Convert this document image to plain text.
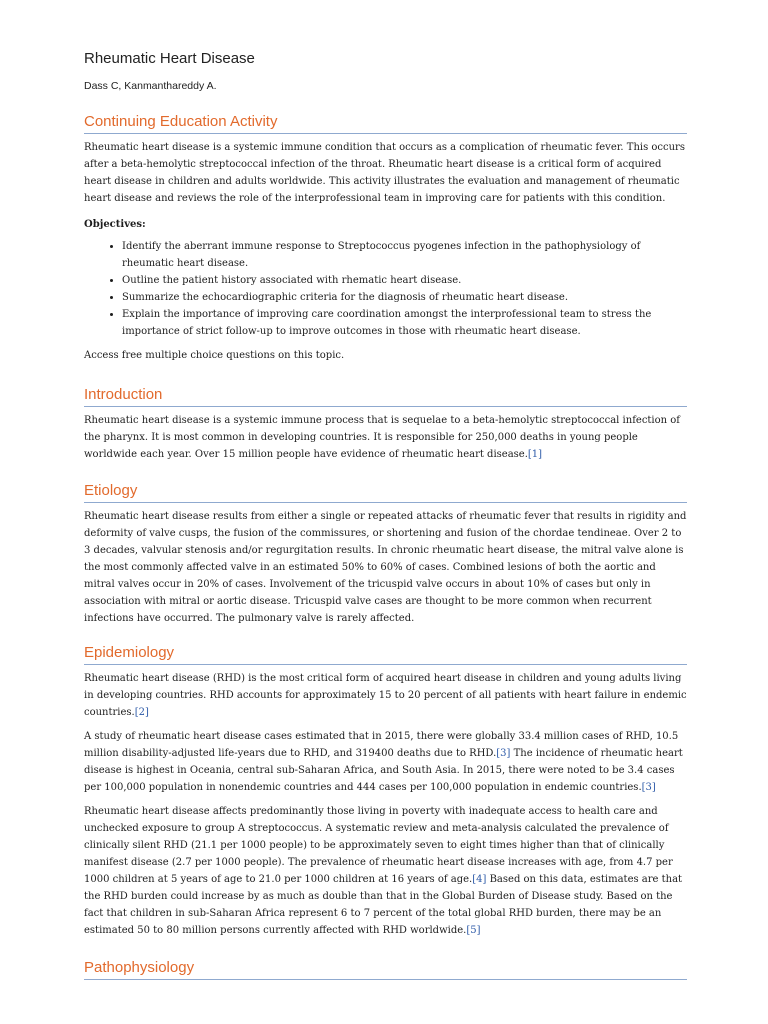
Rheumatic Heart Disease
Dass C, Kanmanthareddy A.
Continuing Education Activity

Rheumatic heart disease is a systemic immune condition that occurs as a complication of rheumatic fever. This occurs after a beta-hemolytic streptococcal infection of the throat. Rheumatic heart disease is a critical form of acquired heart disease in children and adults worldwide. This activity illustrates the evaluation and management of rheumatic heart disease and reviews the role of the interprofessional team in improving care for patients with this condition.

Objectives:

• Identify the aberrant immune response to Streptococcus pyogenes infection in the pathophysiology of rheumatic heart disease.
• Outline the patient history associated with rhematic heart disease.
• Summarize the echocardiographic criteria for the diagnosis of rheumatic heart disease.
• Explain the importance of improving care coordination amongst the interprofessional team to stress the importance of strict follow-up to improve outcomes in those with rheumatic heart disease.

Access free multiple choice questions on this topic.

Introduction

Rheumatic heart disease is a systemic immune process that is sequelae to a beta-hemolytic streptococcal infection of the pharynx. It is most common in developing countries. It is responsible for 250,000 deaths in young people worldwide each year. Over 15 million people have evidence of rheumatic heart disease.[1]

Etiology

Rheumatic heart disease results from either a single or repeated attacks of rheumatic fever that results in rigidity and deformity of valve cusps, the fusion of the commissures, or shortening and fusion of the chordae tendineae. Over 2 to 3 decades, valvular stenosis and/or regurgitation results. In chronic rheumatic heart disease, the mitral valve alone is the most commonly affected valve in an estimated 50% to 60% of cases. Combined lesions of both the aortic and mitral valves occur in 20% of cases. Involvement of the tricuspid valve occurs in about 10% of cases but only in association with mitral or aortic disease. Tricuspid valve cases are thought to be more common when recurrent infections have occurred. The pulmonary valve is rarely affected.

Epidemiology

Rheumatic heart disease (RHD) is the most critical form of acquired heart disease in children and young adults living in developing countries. RHD accounts for approximately 15 to 20 percent of all patients with heart failure in endemic countries.[2]

A study of rheumatic heart disease cases estimated that in 2015, there were globally 33.4 million cases of RHD, 10.5 million disability-adjusted life-years due to RHD, and 319400 deaths due to RHD.[3] The incidence of rheumatic heart disease is highest in Oceania, central sub-Saharan Africa, and South Asia. In 2015, there were noted to be 3.4 cases per 100,000 population in nonendemic countries and 444 cases per 100,000 population in endemic countries.[3]

Rheumatic heart disease affects predominantly those living in poverty with inadequate access to health care and unchecked exposure to group A streptococcus. A systematic review and meta-analysis calculated the prevalence of clinically silent RHD (21.1 per 1000 people) to be approximately seven to eight times higher than that of clinically manifest disease (2.7 per 1000 people). The prevalence of rheumatic heart disease increases with age, from 4.7 per 1000 children at 5 years of age to 21.0 per 1000 children at 16 years of age.[4] Based on this data, estimates are that the RHD burden could increase by as much as double than that in the Global Burden of Disease study. Based on the fact that children in sub-Saharan Africa represent 6 to 7 percent of the total global RHD burden, there may be an estimated 50 to 80 million persons currently affected with RHD worldwide.[5]

Pathophysiology
